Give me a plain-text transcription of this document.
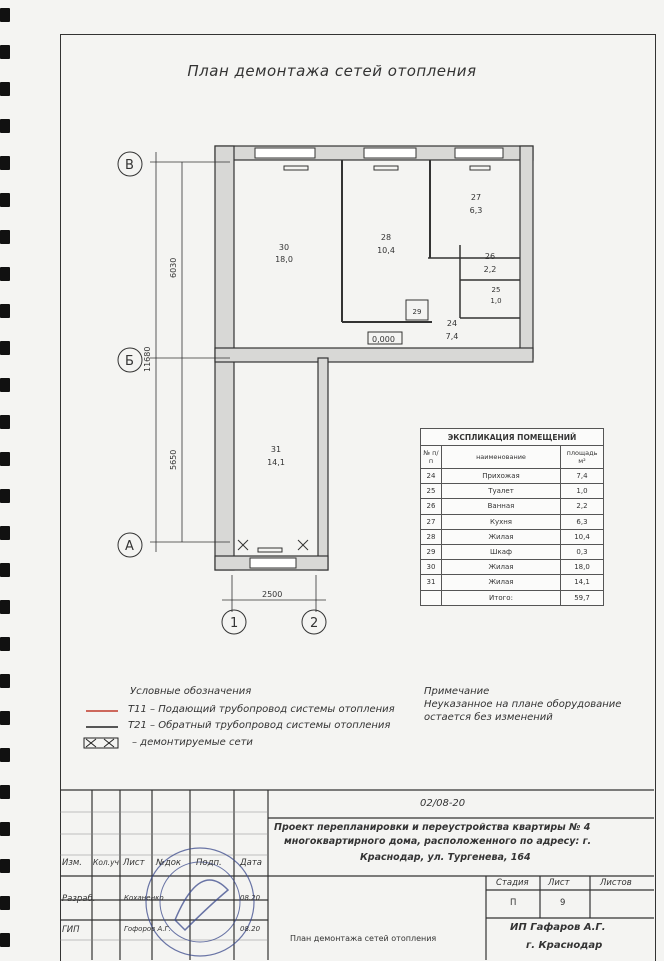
План демонтажа сетей отопления
В
Б
А
1	2
6030
5650
11680
2500
30
18,0
28
10,4
27
6,3
26
2,2
25
1,0
29
24
7,4
31
14,1
0,000
ЭКСПЛИКАЦИЯ ПОМЕЩЕНИЙ		
№ п/п	наименование	площадь м²
24	Прихожая	7,4
25	Туалет	1,0
26	Ванная	2,2
27	Кухня	6,3
28	Жилая	10,4
29	Шкаф	0,3
30	Жилая	18,0
31	Жилая	14,1
	Итого:	59,7
Условные обозначения
Т11 – Подающий трубопровод системы отопления
Т21 – Обратный трубопровод системы отопления
– демонтируемые сети
Примечание
Неуказанное на плане оборудование
остается без изменений
02/08-20
Проект перепланировки и переустройства квартиры № 4
многоквартирного дома, расположенного по адресу: г.
Краснодар, ул. Тургенева, 164
Изм. Кол.уч Лист №док Подп. Дата
Разраб.	Коханенко	08.20
ГИП	Гофоров А.Г.	08.20
План демонтажа сетей отопления
Стадия Лист	Листов
П	9
ИП Гафаров А.Г.
г. Краснодар
